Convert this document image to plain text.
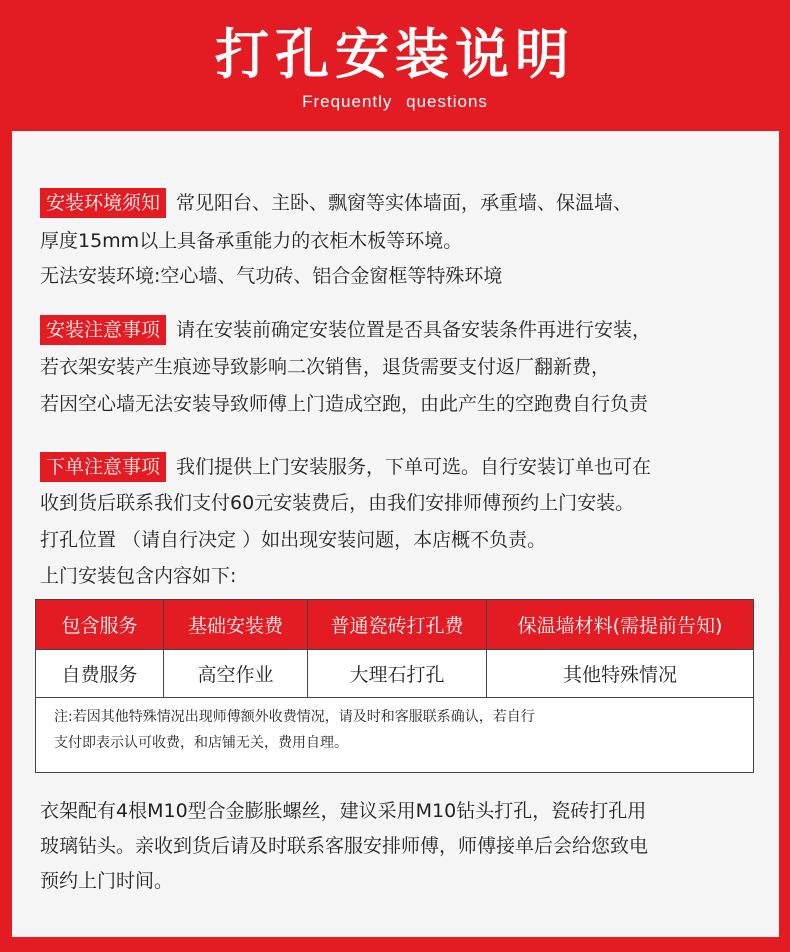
打孔安装说明
Frequently questions
安装环境须知 常见阳台、主卧、飘窗等实体墙面，承重墙、保温墙、
厚度15mm以上具备承重能力的衣柜木板等环境。
无法安装环境:空心墙、气功砖、铝合金窗框等特殊环境
安装注意事项 请在安装前确定安装位置是否具备安装条件再进行安装，
若衣架安装产生痕迹导致影响二次销售，退货需要支付返厂翻新费，
若因空心墙无法安装导致师傅上门造成空跑，由此产生的空跑费自行负责
下单注意事项 我们提供上门安装服务，下单可选。自行安装订单也可在
收到货后联系我们支付60元安装费后，由我们安排师傅预约上门安装。
打孔位置 （请自行决定 ）如出现安装问题，本店概不负责。
上门安装包含内容如下:
包含服务	基础安装费	普通瓷砖打孔费	保温墙材料(需提前告知)
自费服务	高空作业	大理石打孔	其他特殊情况

注:若因其他特殊情况出现师傅额外收费情况，请及时和客服联系确认，若自行
支付即表示认可收费，和店铺无关，费用自理。			
衣架配有4根M10型合金膨胀螺丝，建议采用M10钻头打孔，瓷砖打孔用
玻璃钻头。亲收到货后请及时联系客服安排师傅，师傅接单后会给您致电
预约上门时间。
